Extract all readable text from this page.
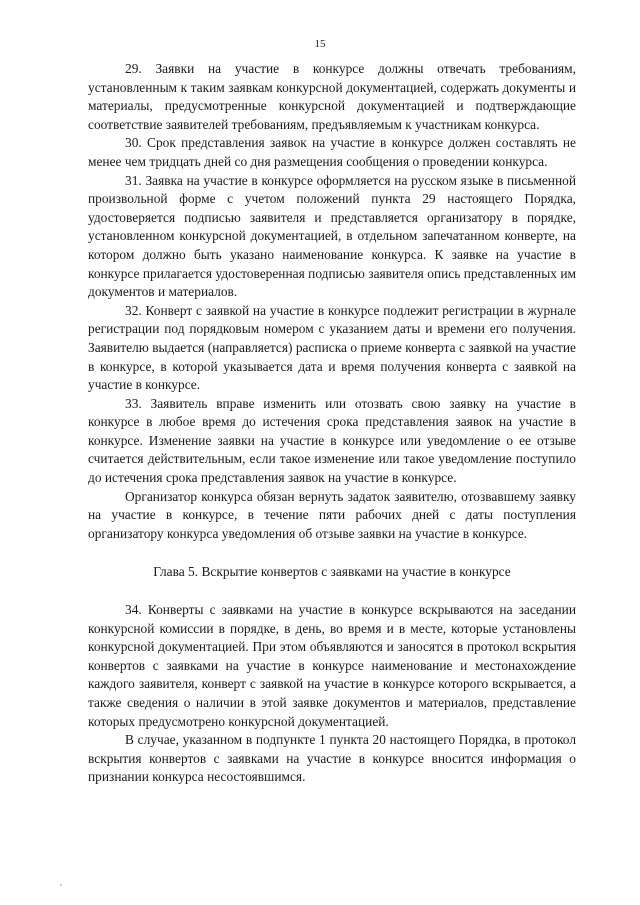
15

29. Заявки на участие в конкурсе должны отвечать требованиям, установленным к таким заявкам конкурсной документацией, содержать документы и материалы, предусмотренные конкурсной документацией и подтверждающие соответствие заявителей требованиям, предъявляемым к участникам конкурса.

30. Срок представления заявок на участие в конкурсе должен составлять не менее чем тридцать дней со дня размещения сообщения о проведении конкурса.

31. Заявка на участие в конкурсе оформляется на русском языке в письменной произвольной форме с учетом положений пункта 29 настоящего Порядка, удостоверяется подписью заявителя и представляется организатору в порядке, установленном конкурсной документацией, в отдельном запечатанном конверте, на котором должно быть указано наименование конкурса. К заявке на участие в конкурсе прилагается удостоверенная подписью заявителя опись представленных им документов и материалов.

32. Конверт с заявкой на участие в конкурсе подлежит регистрации в журнале регистрации под порядковым номером с указанием даты и времени его получения. Заявителю выдается (направляется) расписка о приеме конверта с заявкой на участие в конкурсе, в которой указывается дата и время получения конверта с заявкой на участие в конкурсе.

33. Заявитель вправе изменить или отозвать свою заявку на участие в конкурсе в любое время до истечения срока представления заявок на участие в конкурсе. Изменение заявки на участие в конкурсе или уведомление о ее отзыве считается действительным, если такое изменение или такое уведомление поступило до истечения срока представления заявок на участие в конкурсе.

Организатор конкурса обязан вернуть задаток заявителю, отозвавшему заявку на участие в конкурсе, в течение пяти рабочих дней с даты поступления организатору конкурса уведомления об отзыве заявки на участие в конкурсе.

Глава 5. Вскрытие конвертов с заявками на участие в конкурсе

34. Конверты с заявками на участие в конкурсе вскрываются на заседании конкурсной комиссии в порядке, в день, во время и в месте, которые установлены конкурсной документацией. При этом объявляются и заносятся в протокол вскрытия конвертов с заявками на участие в конкурсе наименование и местонахождение каждого заявителя, конверт с заявкой на участие в конкурсе которого вскрывается, а также сведения о наличии в этой заявке документов и материалов, представление которых предусмотрено конкурсной документацией.

В случае, указанном в подпункте 1 пункта 20 настоящего Порядка, в протокол вскрытия конвертов с заявками на участие в конкурсе вносится информация о признании конкурса несостоявшимся.
